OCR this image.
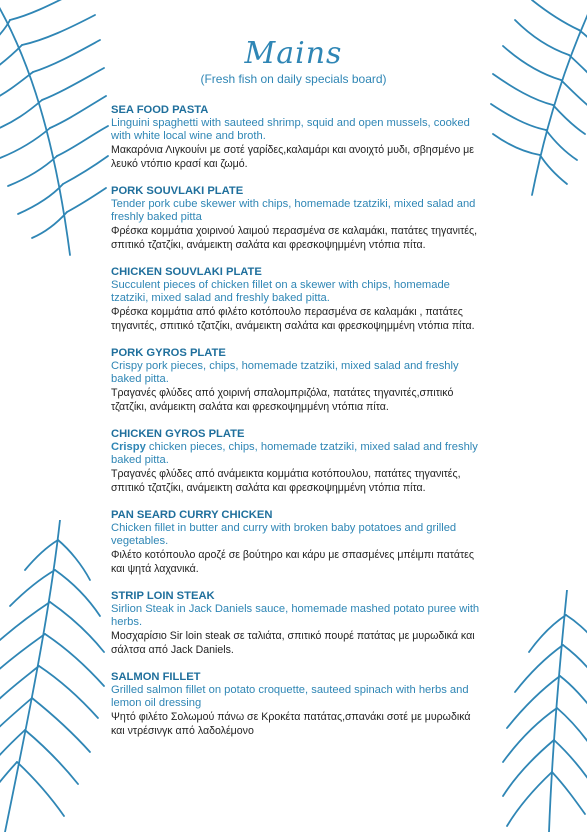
Mains
(Fresh fish on daily specials board)
SEA FOOD PASTA
Linguini spaghetti with sauteed shrimp, squid and open mussels, cooked with white local wine and broth.
Μακαρόνια Λιγκουίνι με σοτέ γαρίδες,καλαμάρι και ανοιχτό μυδι, σβησμένο με λευκό ντόπιο κρασί και ζωμό.
PORK SOUVLAKI PLATE
Tender pork cube skewer with chips, homemade tzatziki, mixed salad and freshly baked pitta
Φρέσκα κομμάτια χοιρινού λαιμού περασμένα σε καλαμάκι, πατάτες τηγανιτές, σπιτικό τζατζίκι, ανάμεικτη σαλάτα και φρεσκοψημμένη ντόπια πίτα.
CHICKEN SOUVLAKI PLATE
Succulent pieces of chicken fillet on a skewer with chips, homemade tzatziki, mixed salad and freshly baked pitta.
Φρέσκα κομμάτια από φιλέτο κοτόπουλο περασμένα σε καλαμάκι , πατάτες τηγανιτές, σπιτικό τζατζίκι, ανάμεικτη σαλάτα και φρεσκοψημμένη ντόπια πίτα.
PORK GYROS PLATE
Crispy pork pieces, chips, homemade tzatziki, mixed salad and freshly baked pitta.
Τραγανές φλύδες από χοιρινή σπαλομπριζόλα, πατάτες τηγανιτές,σπιτικό τζατζίκι, ανάμεικτη σαλάτα και φρεσκοψημμένη ντόπια πίτα.
CHICKEN GYROS PLATE
Crispy chicken pieces, chips, homemade tzatziki, mixed salad and freshly baked pitta.
Τραγανές φλύδες από ανάμεικτα κομμάτια κοτόπουλου, πατάτες τηγανιτές, σπιτικό τζατζίκι, ανάμεικτη σαλάτα και φρεσκοψημμένη ντόπια πίτα.
PAN SEARD CURRY CHICKEN
Chicken fillet in butter and curry with broken baby potatoes and grilled vegetables.
Φιλέτο κοτόπουλο αροζέ σε βούτηρο και κάρυ με σπασμένες μπέιμπι πατάτες και ψητά λαχανικά.
STRIP LOIN STEAK
Sirlion Steak in Jack Daniels sauce, homemade mashed potato puree with herbs.
Μοσχαρίσιο Sir loin steak σε ταλιάτα, σπιτικό πουρέ πατάτας με μυρωδικά και σάλτσα από Jack Daniels.
SALMON FILLET
Grilled salmon fillet on potato croquette, sauteed spinach with herbs and lemon oil dressing
Ψητό φιλέτο Σολωμού πάνω σε Κροκέτα πατάτας,σπανάκι σοτέ με μυρωδικά και ντρέσινγκ από λαδολέμονο
